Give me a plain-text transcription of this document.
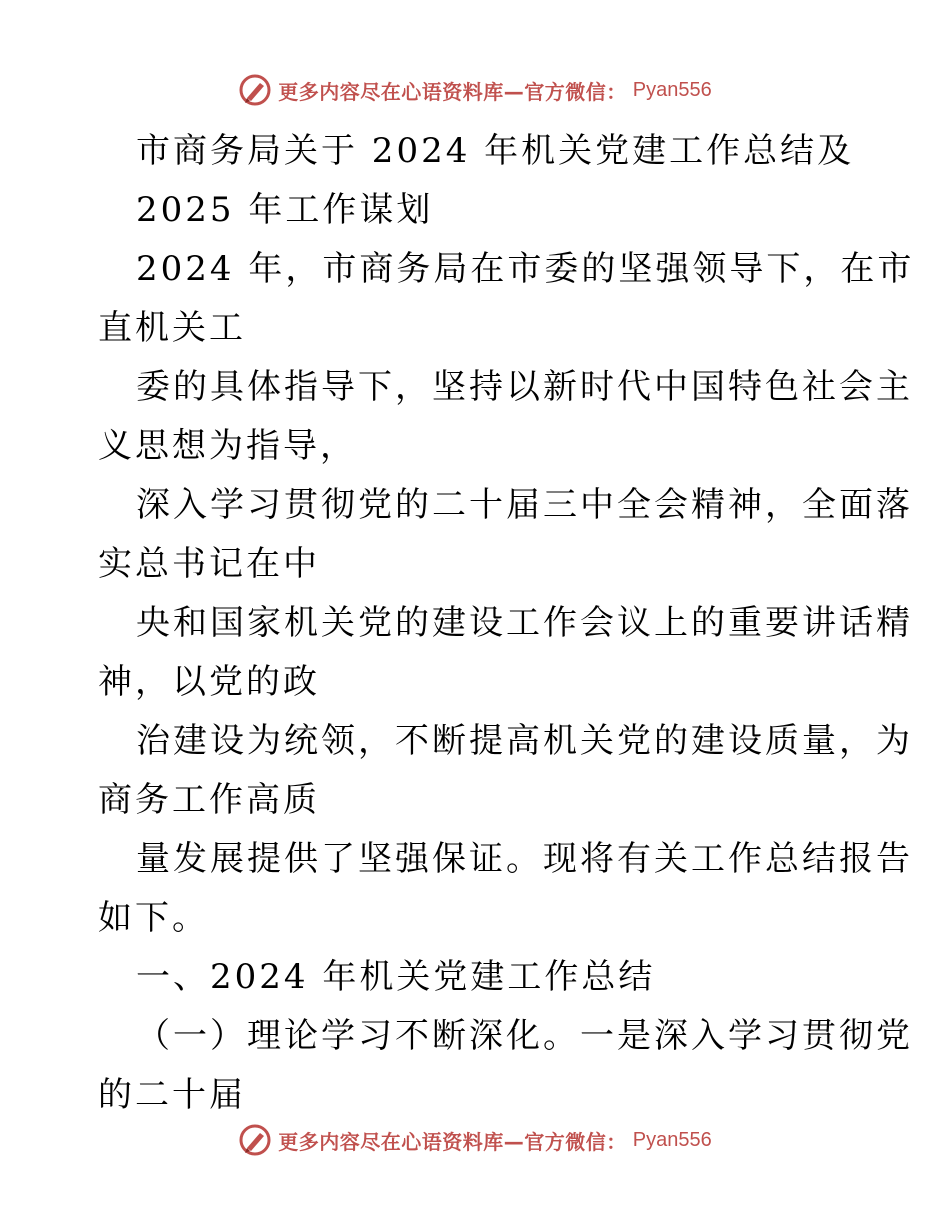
更多内容尽在心语资料库—官方微信： Pyan556
市商务局关于 2024 年机关党建工作总结及
2025 年工作谋划
2024 年，市商务局在市委的坚强领导下，在市
直机关工
委的具体指导下，坚持以新时代中国特色社会主
义思想为指导，
深入学习贯彻党的二十届三中全会精神，全面落
实总书记在中
央和国家机关党的建设工作会议上的重要讲话精
神，以党的政
治建设为统领，不断提高机关党的建设质量，为
商务工作高质
量发展提供了坚强保证。现将有关工作总结报告
如下。
一、2024 年机关党建工作总结
（一）理论学习不断深化。一是深入学习贯彻党
的二十届
更多内容尽在心语资料库—官方微信： Pyan556
